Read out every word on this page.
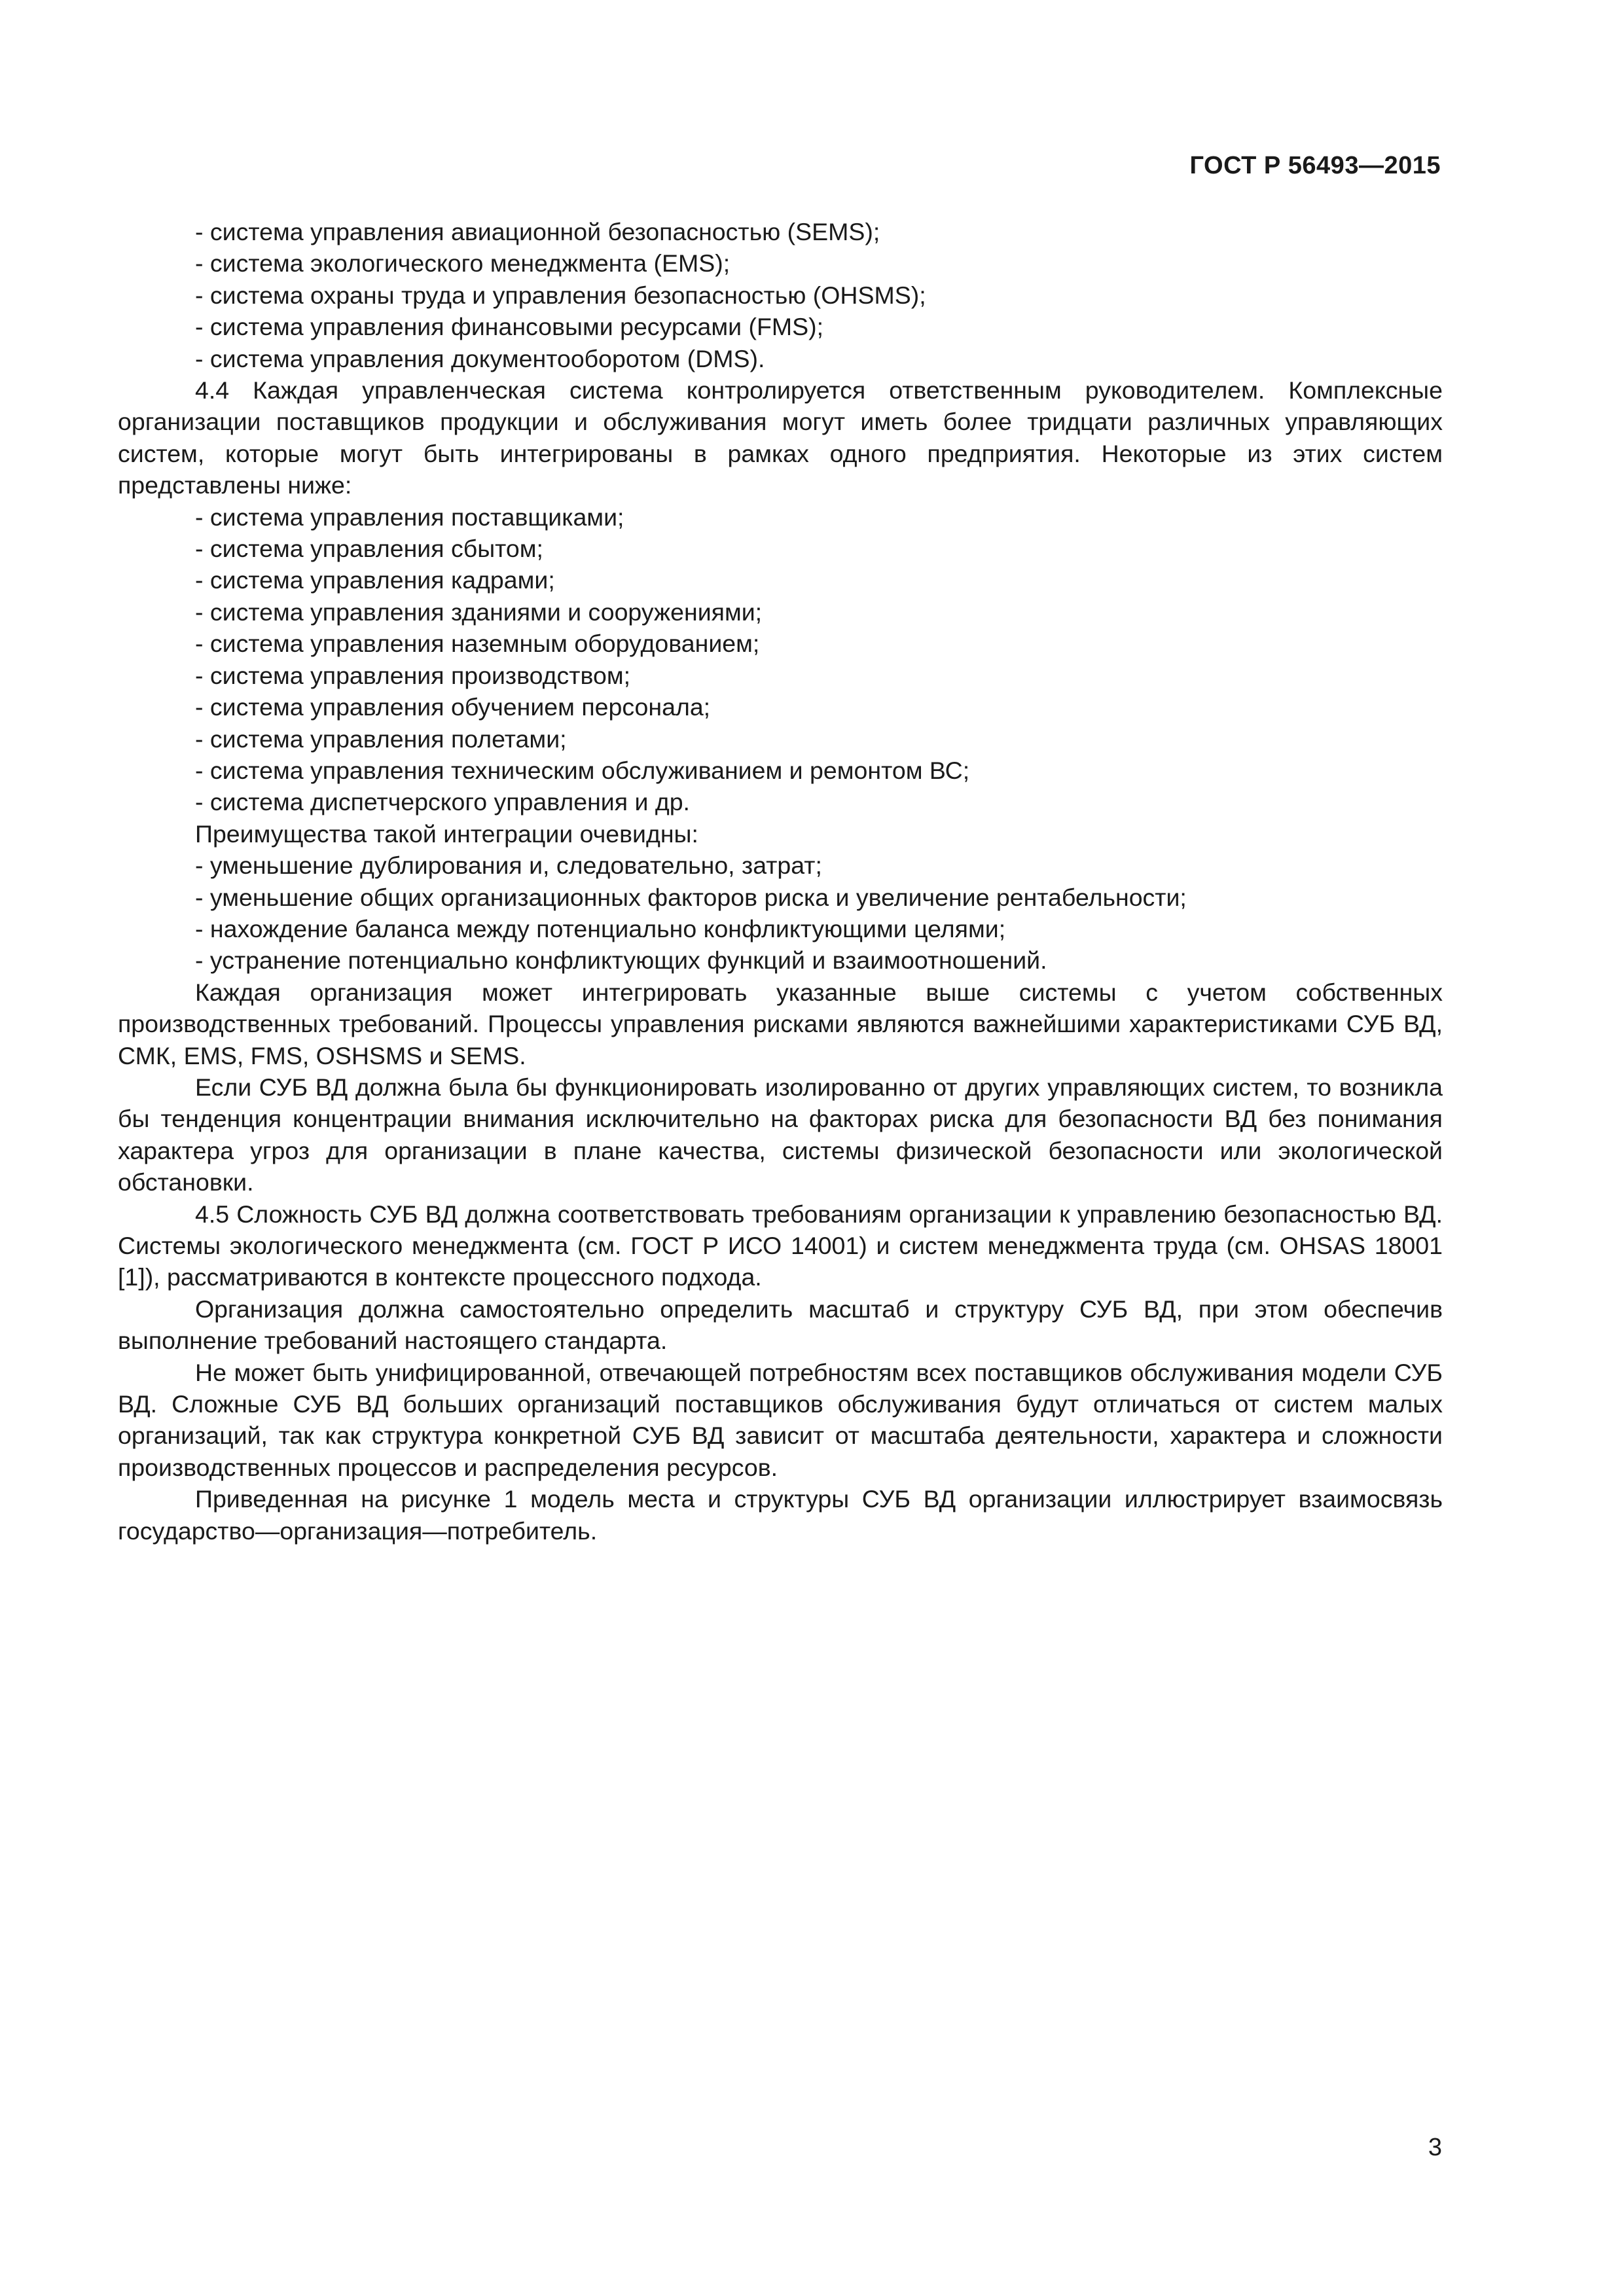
ГОСТ Р 56493—2015
- система управления авиационной безопасностью (SEMS);
- система экологического менеджмента (EMS);
- система охраны труда и управления безопасностью (OHSMS);
- система управления финансовыми ресурсами (FMS);
- система управления документооборотом (DMS).

4.4 Каждая управленческая система контролируется ответственным руководителем. Комплексные организации поставщиков продукции и обслуживания могут иметь более тридцати различных управляющих систем, которые могут быть интегрированы в рамках одного предприятия. Некоторые из этих систем представлены ниже:

- система управления поставщиками;
- система управления сбытом;
- система управления кадрами;
- система управления зданиями и сооружениями;
- система управления наземным оборудованием;
- система управления производством;
- система управления обучением персонала;
- система управления полетами;
- система управления техническим обслуживанием и ремонтом ВС;
- система диспетчерского управления и др.

Преимущества такой интеграции очевидны:

- уменьшение дублирования и, следовательно, затрат;
- уменьшение общих организационных факторов риска и увеличение рентабельности;
- нахождение баланса между потенциально конфликтующими целями;
- устранение потенциально конфликтующих функций и взаимоотношений.

Каждая организация может интегрировать указанные выше системы с учетом собственных производственных требований. Процессы управления рисками являются важнейшими характеристиками СУБ ВД, СМК, EMS, FMS, OSHSMS и SEMS.

Если СУБ ВД должна была бы функционировать изолированно от других управляющих систем, то возникла бы тенденция концентрации внимания исключительно на факторах риска для безопасности ВД без понимания характера угроз для организации в плане качества, системы физической безопасности или экологической обстановки.

4.5 Сложность СУБ ВД должна соответствовать требованиям организации к управлению безопасностью ВД. Системы экологического менеджмента (см. ГОСТ Р ИСО 14001) и систем менеджмента труда (см. OHSAS 18001 [1]), рассматриваются в контексте процессного подхода.

Организация должна самостоятельно определить масштаб и структуру СУБ ВД, при этом обеспечив выполнение требований настоящего стандарта.

Не может быть унифицированной, отвечающей потребностям всех поставщиков обслуживания модели СУБ ВД. Сложные СУБ ВД больших организаций поставщиков обслуживания будут отличаться от систем малых организаций, так как структура конкретной СУБ ВД зависит от масштаба деятельности, характера и сложности производственных процессов и распределения ресурсов.

Приведенная на рисунке 1 модель места и структуры СУБ ВД организации иллюстрирует взаимосвязь государство—организация—потребитель.

3
